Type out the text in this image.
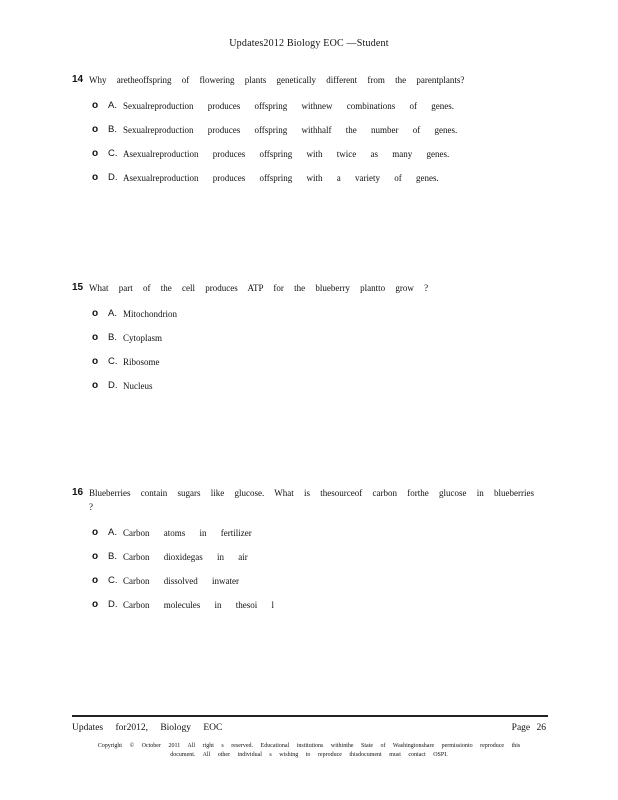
Updates2012 Biology EOC —Student
14 Why aretheoffspring of flowering plants genetically different from the parentplants?
o A. Sexualreproduction produces offspring withnew combinations of genes.
o B. Sexualreproduction produces offspring withhalf the number of genes.
o C. Asexualreproduction produces offspring with twice as many genes.
o D. Asexualreproduction produces offspring with a variety of genes.
15 What part of the cell produces ATP for the blueberry plantto grow ?
o A. Mitochondrion
o B. Cytoplasm
o C. Ribosome
o D. Nucleus
16 Blueberries contain sugars like glucose. What is thesourceof carbon forthe glucose in blueberries ?
o A. Carbon atoms in fertilizer
o B. Carbon dioxidegas in air
o C. Carbon dissolved inwater
o D. Carbon molecules in thesoi l
Updates for2012, Biology EOC	Page 26
Copyright © October 2011 All right s reserved. Educational institutions withinthe State of Washingtonshare permissionto reproduce this document. All other individual s wishing to reproduce thisdocument must contact OSPI.
